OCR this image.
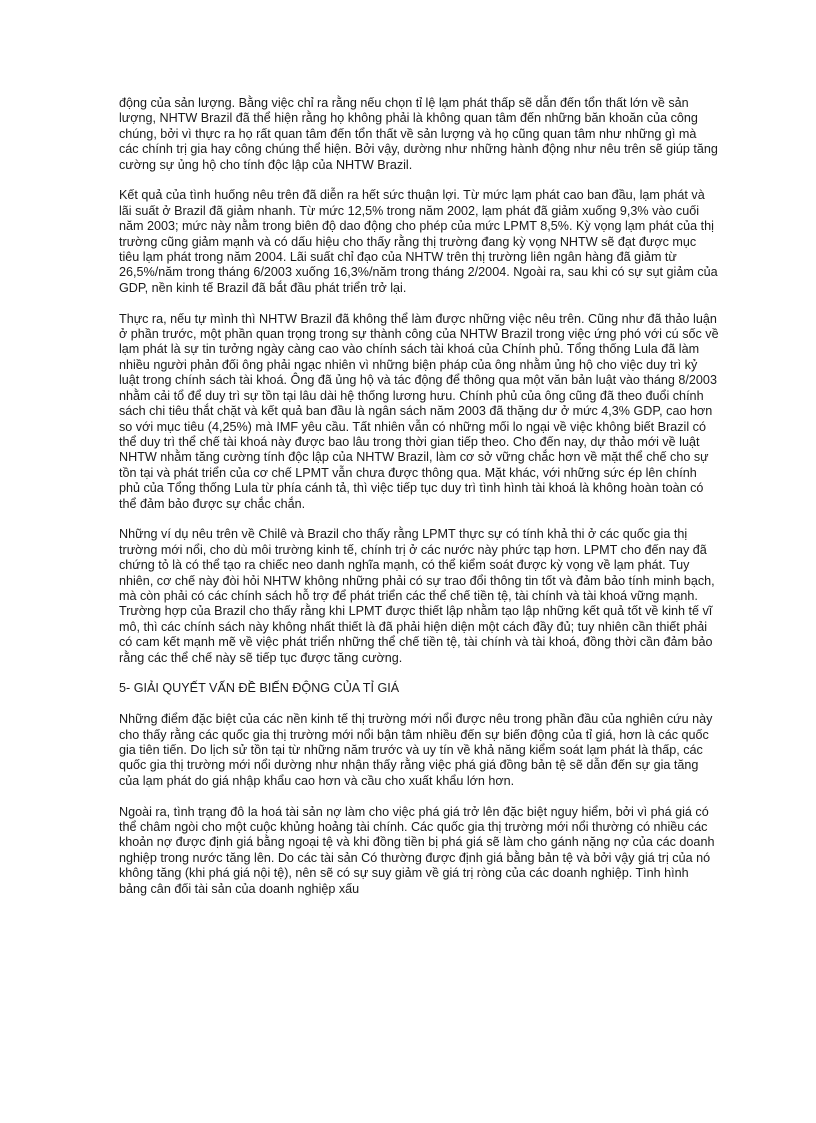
động của sản lượng. Bằng việc chỉ ra rằng nếu chọn tỉ lệ lạm phát thấp sẽ dẫn đến tổn thất lớn về sản lượng, NHTW Brazil đã thể hiện rằng họ không phải là không quan tâm đến những băn khoăn của công chúng, bởi vì thực ra họ rất quan tâm đến tổn thất về sản lượng và họ cũng quan tâm như những gì mà các chính trị gia hay công chúng thể hiện. Bởi vậy, dường như những hành động như nêu trên sẽ giúp tăng cường sự ủng hộ cho tính độc lập của NHTW Brazil.

Kết quả của tình huống nêu trên đã diễn ra hết sức thuận lợi. Từ mức lạm phát cao ban đầu, lạm phát và lãi suất ở Brazil đã giảm nhanh. Từ mức 12,5% trong năm 2002, lạm phát đã giảm xuống 9,3% vào cuối năm 2003; mức này nằm trong biên độ dao động cho phép của mức LPMT 8,5%. Kỳ vọng lạm phát của thị trường cũng giảm mạnh và có dấu hiệu cho thấy rằng thị trường đang kỳ vọng NHTW sẽ đạt được mục tiêu lạm phát trong năm 2004. Lãi suất chỉ đạo của NHTW trên thị trường liên ngân hàng đã giảm từ 26,5%/năm trong tháng 6/2003 xuống 16,3%/năm trong tháng 2/2004. Ngoài ra, sau khi có sự sụt giảm của GDP, nền kinh tế Brazil đã bắt đầu phát triển trở lại.

Thực ra, nếu tự mình thì NHTW Brazil đã không thể làm được những việc nêu trên. Cũng như đã thảo luận ở phần trước, một phần quan trọng trong sự thành công của NHTW Brazil trong việc ứng phó với cú sốc về lạm phát là sự tin tưởng ngày càng cao vào chính sách tài khoá của Chính phủ. Tổng thống Lula đã làm nhiều người phản đối ông phải ngạc nhiên vì những biện pháp của ông nhằm ủng hộ cho việc duy trì kỷ luật trong chính sách tài khoá. Ông đã ủng hộ và tác động để thông qua một văn bản luật vào tháng 8/2003 nhằm cải tổ để duy trì sự tồn tại lâu dài hệ thống lương hưu. Chính phủ của ông cũng đã theo đuổi chính sách chi tiêu thắt chặt và kết quả ban đầu là ngân sách năm 2003 đã thặng dư ở mức 4,3% GDP, cao hơn so với mục tiêu (4,25%) mà IMF yêu cầu. Tất nhiên vẫn có những mối lo ngại về việc không biết Brazil có thể duy trì thể chế tài khoá này được bao lâu trong thời gian tiếp theo. Cho đến nay, dự thảo mới về luật NHTW nhằm tăng cường tính độc lập của NHTW Brazil, làm cơ sở vững chắc hơn về mặt thể chế cho sự tồn tại và phát triển của cơ chế LPMT vẫn chưa được thông qua. Mặt khác, với những sức ép lên chính phủ của Tổng thống Lula từ phía cánh tả, thì việc tiếp tục duy trì tình hình tài khoá là không hoàn toàn có thể đảm bảo được sự chắc chắn.

Những ví dụ nêu trên về Chilê và Brazil cho thấy rằng LPMT thực sự có tính khả thi ở các quốc gia thị trường mới nổi, cho dù môi trường kinh tế, chính trị ở các nước này phức tạp hơn. LPMT cho đến nay đã chứng tỏ là có thể tạo ra chiếc neo danh nghĩa mạnh, có thể kiểm soát được kỳ vọng về lạm phát. Tuy nhiên, cơ chế này đòi hỏi NHTW không những phải có sự trao đổi thông tin tốt và đảm bảo tính minh bạch, mà còn phải có các chính sách hỗ trợ để phát triển các thể chế tiền tệ, tài chính và tài khoá vững mạnh. Trường hợp của Brazil cho thấy rằng khi LPMT được thiết lập nhằm tạo lập những kết quả tốt về kinh tế vĩ mô, thì các chính sách này không nhất thiết là đã phải hiện diện một cách đầy đủ; tuy nhiên cần thiết phải có cam kết mạnh mẽ về việc phát triển những thể chế tiền tệ, tài chính và tài khoá, đồng thời cần đảm bảo rằng các thể chế này sẽ tiếp tục được tăng cường.

5- GIẢI QUYẾT VẤN ĐỀ BIẾN ĐỘNG CỦA TỈ GIÁ

Những điểm đặc biệt của các nền kinh tế thị trường mới nổi được nêu trong phần đầu của nghiên cứu này cho thấy rằng các quốc gia thị trường mới nổi bận tâm nhiều đến sự biến động của tỉ giá, hơn là các quốc gia tiên tiến. Do lịch sử tồn tại từ những năm trước và uy tín về khả năng kiểm soát lạm phát là thấp, các quốc gia thị trường mới nổi dường như nhận thấy rằng việc phá giá đồng bản tệ sẽ dẫn đến sự gia tăng của lạm phát do giá nhập khẩu cao hơn và cầu cho xuất khẩu lớn hơn.

Ngoài ra, tình trạng đô la hoá tài sản nợ làm cho việc phá giá trở lên đặc biệt nguy hiểm, bởi vì phá giá có thể châm ngòi cho một cuộc khủng hoảng tài chính. Các quốc gia thị trường mới nổi thường có nhiều các khoản nợ được định giá bằng ngoại tệ và khi đồng tiền bị phá giá sẽ làm cho gánh nặng nợ của các doanh nghiệp trong nước tăng lên. Do các tài sản Có thường được định giá bằng bản tệ và bởi vậy giá trị của nó không tăng (khi phá giá nội tệ), nên sẽ có sự suy giảm về giá trị ròng của các doanh nghiệp. Tình hình bảng cân đối tài sản của doanh nghiệp xấu
